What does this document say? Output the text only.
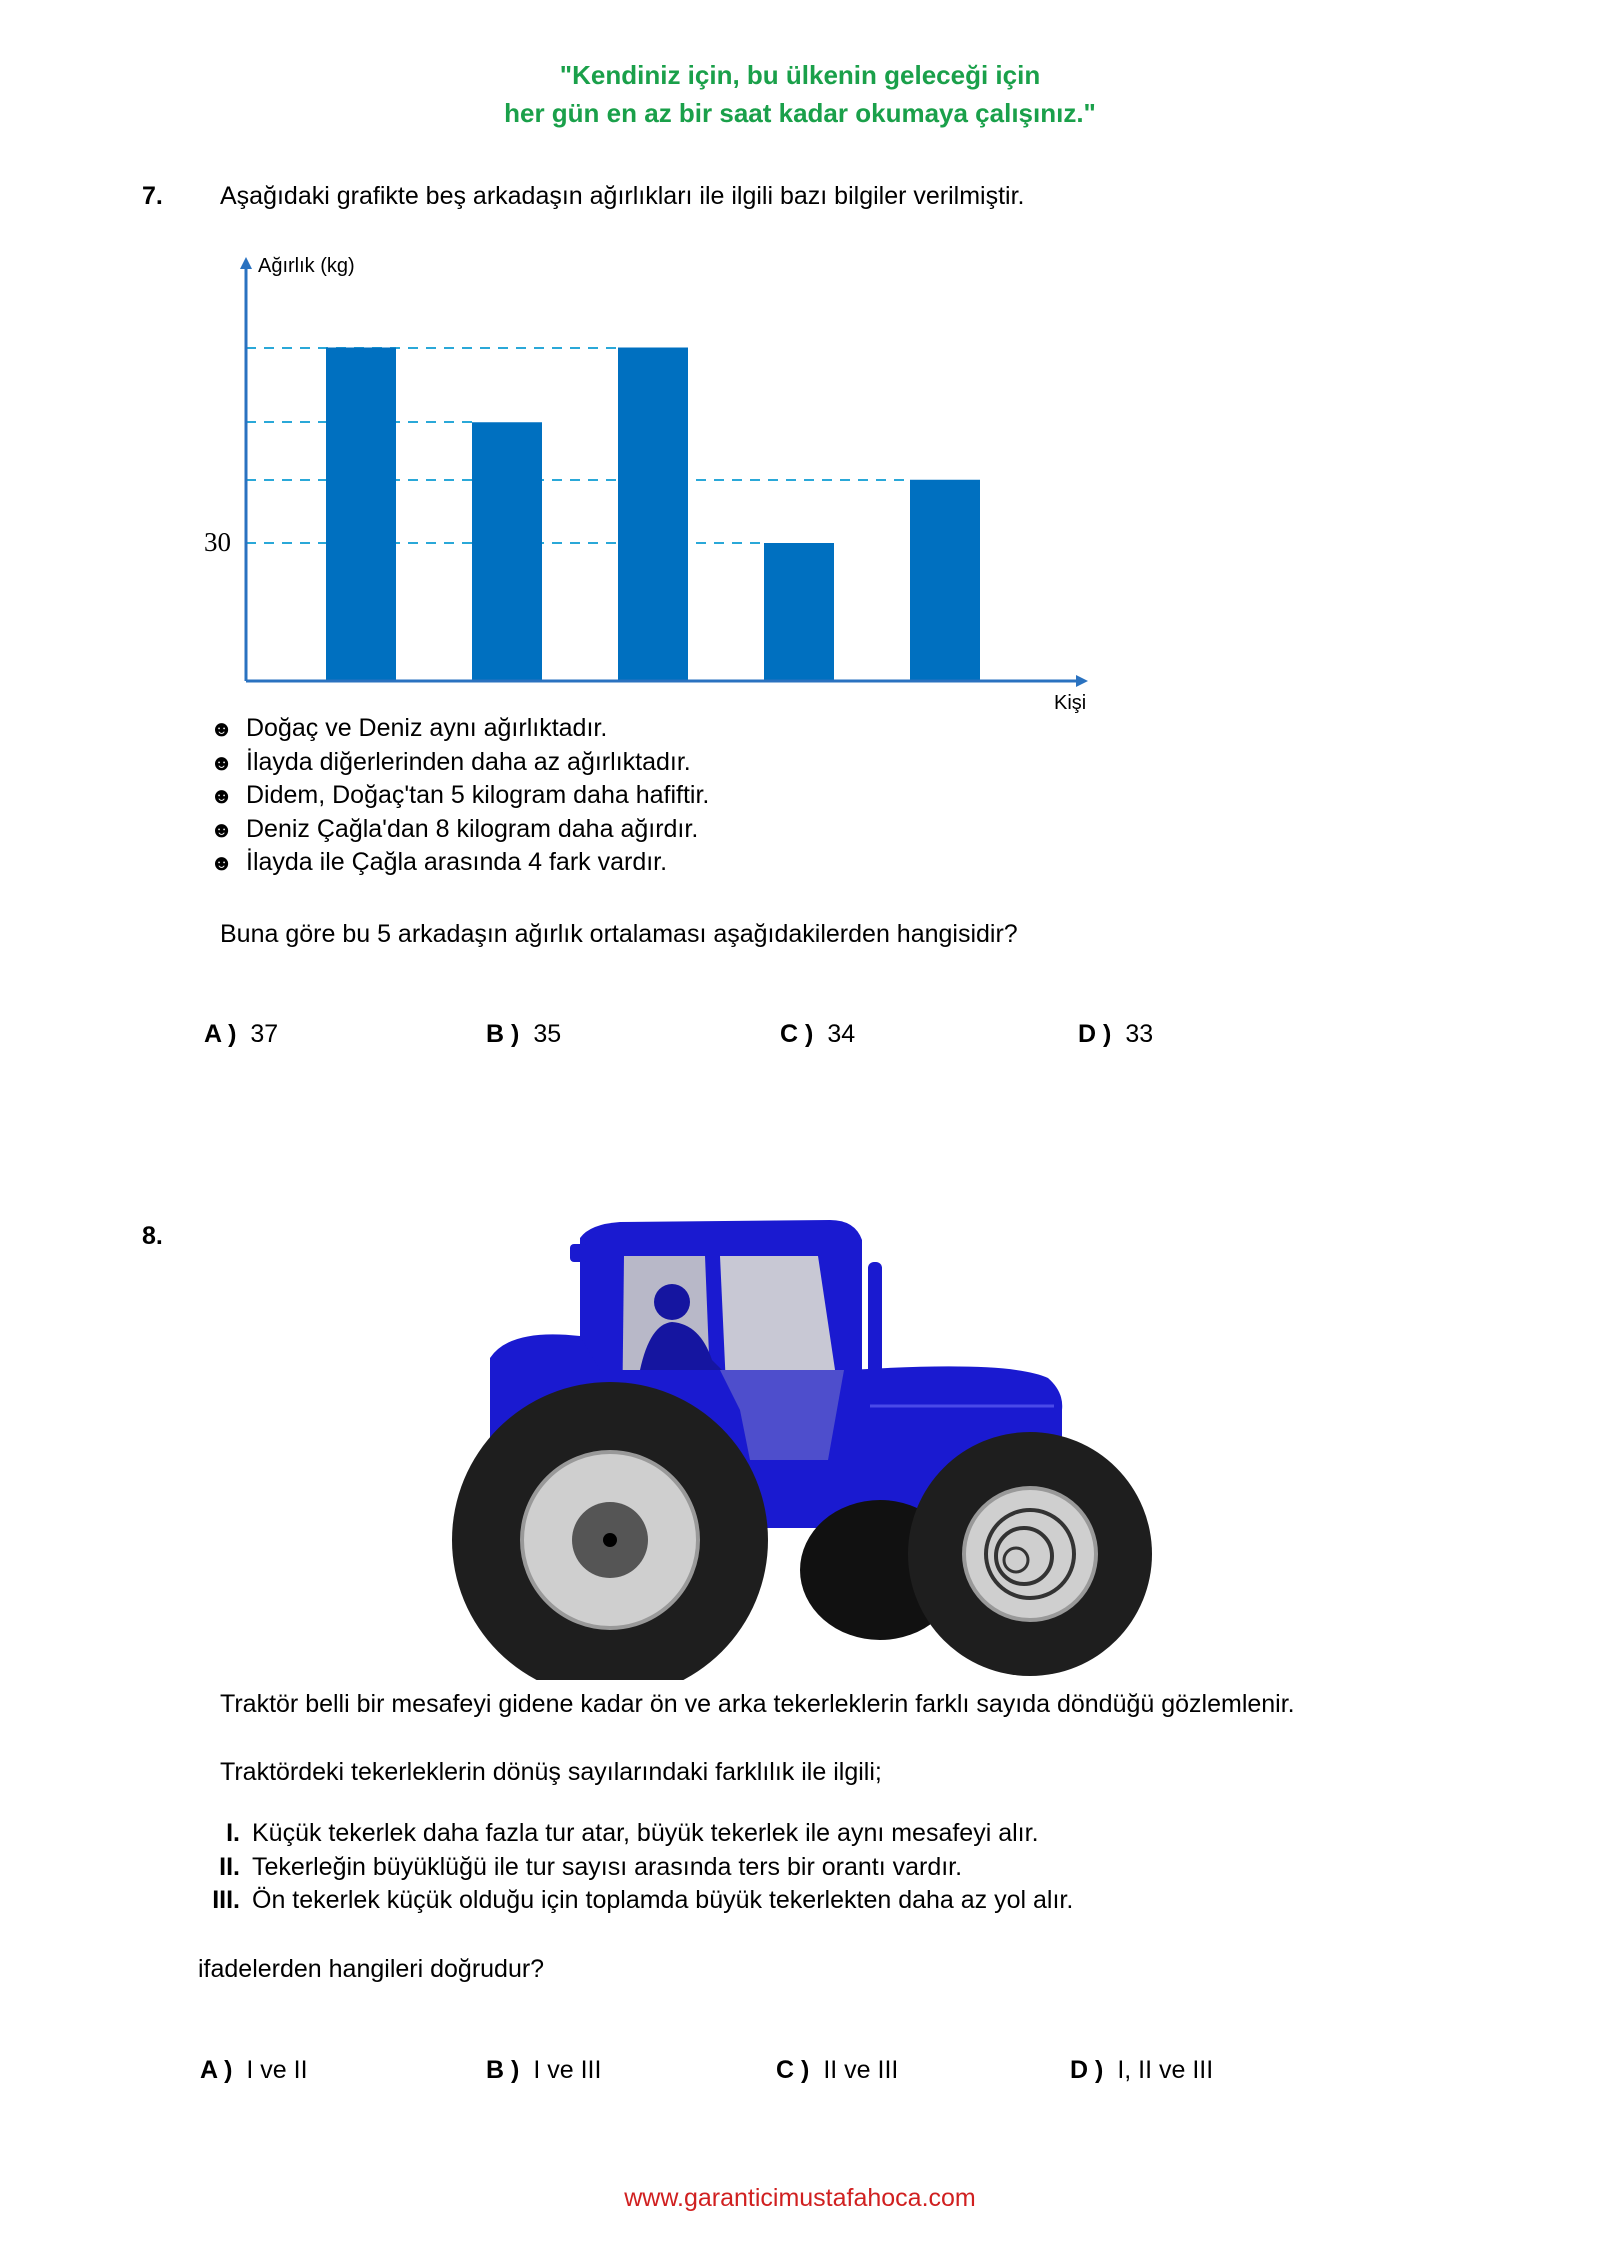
"Kendiniz için, bu ülkenin geleceği için
her gün en az bir saat kadar okumaya çalışınız."
7. Aşağıdaki grafikte beş arkadaşın ağırlıkları ile ilgili bazı bilgiler verilmiştir.
Ağırlık (kg)
Kişi
30
☻ Doğaç ve Deniz aynı ağırlıktadır.
☻ İlayda diğerlerinden daha az ağırlıktadır.
☻ Didem, Doğaç'tan 5 kilogram daha hafiftir.
☻ Deniz Çağla'dan 8 kilogram daha ağırdır.
☻ İlayda ile Çağla arasında 4 fark vardır.
Buna göre bu 5 arkadaşın ağırlık ortalaması aşağıdakilerden hangisidir?
A ) 37	B ) 35	C ) 34	D ) 33
8.
Traktör belli bir mesafeyi gidene kadar ön ve arka tekerleklerin farklı sayıda döndüğü gözlemlenir.
Traktördeki tekerleklerin dönüş sayılarındaki farklılık ile ilgili;
I. Küçük tekerlek daha fazla tur atar, büyük tekerlek ile aynı mesafeyi alır.
II. Tekerleğin büyüklüğü ile tur sayısı arasında ters bir orantı vardır.
III. Ön tekerlek küçük olduğu için toplamda büyük tekerlekten daha az yol alır.
ifadelerden hangileri doğrudur?
A ) I ve II	B ) I ve III	C ) II ve III	D ) I, II ve III
www.garanticimustafahoca.com
